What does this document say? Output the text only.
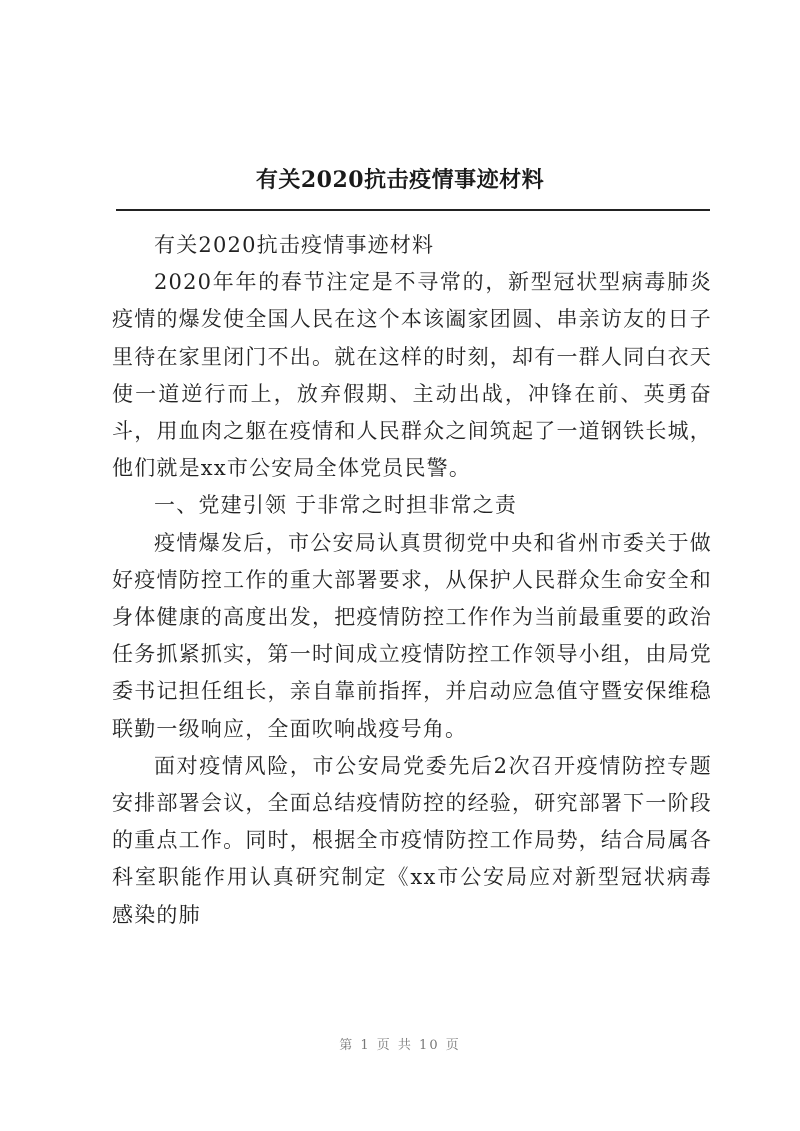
有关2020抗击疫情事迹材料

有关2020抗击疫情事迹材料

2020年年的春节注定是不寻常的，新型冠状型病毒肺炎疫情的爆发使全国人民在这个本该阖家团圆、串亲访友的日子里待在家里闭门不出。就在这样的时刻，却有一群人同白衣天使一道逆行而上，放弃假期、主动出战，冲锋在前、英勇奋斗，用血肉之躯在疫情和人民群众之间筑起了一道钢铁长城，他们就是xx市公安局全体党员民警。

一、党建引领 于非常之时担非常之责

疫情爆发后，市公安局认真贯彻党中央和省州市委关于做好疫情防控工作的重大部署要求，从保护人民群众生命安全和身体健康的高度出发，把疫情防控工作作为当前最重要的政治任务抓紧抓实，第一时间成立疫情防控工作领导小组，由局党委书记担任组长，亲自靠前指挥，并启动应急值守暨安保维稳联勤一级响应，全面吹响战疫号角。

面对疫情风险，市公安局党委先后2次召开疫情防控专题安排部署会议，全面总结疫情防控的经验，研究部署下一阶段的重点工作。同时，根据全市疫情防控工作局势，结合局属各科室职能作用认真研究制定《xx市公安局应对新型冠状病毒感染的肺

第 1 页 共 10 页
